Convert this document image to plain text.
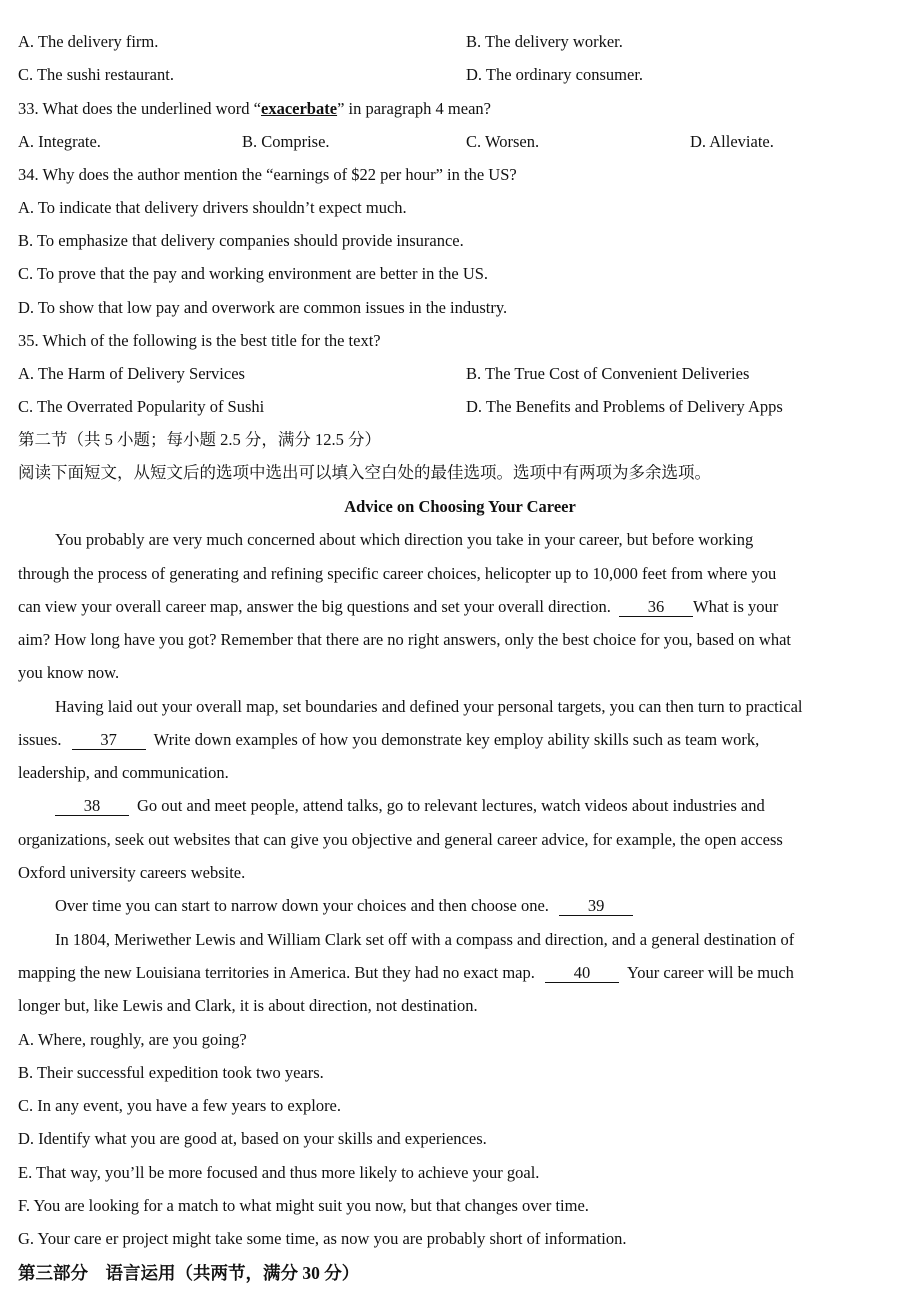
A. The delivery firm.	B. The delivery worker.
C. The sushi restaurant.	D. The ordinary consumer.
33. What does the underlined word “exacerbate” in paragraph 4 mean?
A. Integrate.	B. Comprise.	C. Worsen.	D. Alleviate.
34. Why does the author mention the “earnings of $22 per hour” in the US?
A. To indicate that delivery drivers shouldn’t expect much.
B. To emphasize that delivery companies should provide insurance.
C. To prove that the pay and working environment are better in the US.
D. To show that low pay and overwork are common issues in the industry.
35. Which of the following is the best title for the text?
A. The Harm of Delivery Services	B. The True Cost of Convenient Deliveries
C. The Overrated Popularity of Sushi	D. The Benefits and Problems of Delivery Apps
第二节（共 5 小题；每小题 2.5 分，满分 12.5 分）
阅读下面短文，从短文后的选项中选出可以填入空白处的最佳选项。选项中有两项为多余选项。
Advice on Choosing Your Career
You probably are very much concerned about which direction you take in your career, but before working
through the process of generating and refining specific career choices, helicopter up to 10,000 feet from where you
can view your overall career map, answer the big questions and set your overall direction. 36 What is your
aim? How long have you got? Remember that there are no right answers, only the best choice for you, based on what
you know now.
Having laid out your overall map, set boundaries and defined your personal targets, you can then turn to practical
issues. 37 Write down examples of how you demonstrate key employ ability skills such as team work,
leadership, and communication.
38 Go out and meet people, attend talks, go to relevant lectures, watch videos about industries and
organizations, seek out websites that can give you objective and general career advice, for example, the open access
Oxford university careers website.
Over time you can start to narrow down your choices and then choose one. 39
In 1804, Meriwether Lewis and William Clark set off with a compass and direction, and a general destination of
mapping the new Louisiana territories in America. But they had no exact map. 40 Your career will be much
longer but, like Lewis and Clark, it is about direction, not destination.
A. Where, roughly, are you going?
B. Their successful expedition took two years.
C. In any event, you have a few years to explore.
D. Identify what you are good at, based on your skills and experiences.
E. That way, you’ll be more focused and thus more likely to achieve your goal.
F. You are looking for a match to what might suit you now, but that changes over time.
G. Your care er project might take some time, as now you are probably short of information.
第三部分　语言运用（共两节，满分 30 分）
